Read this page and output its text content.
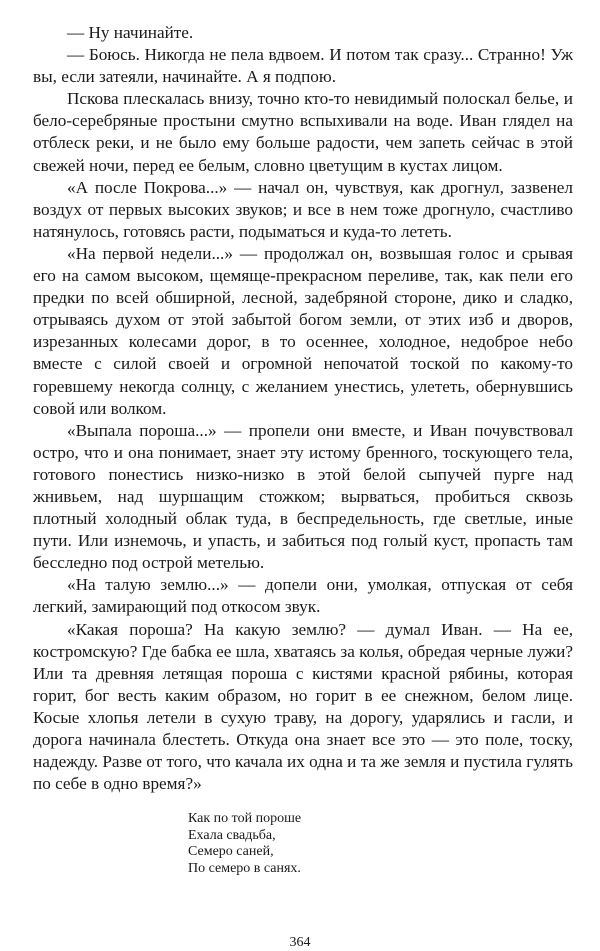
— Ну начинайте.

— Боюсь. Никогда не пела вдвоем. И потом так сразу... Странно! Уж вы, если затеяли, начинайте. А я подпою.

Пскова плескалась внизу, точно кто-то невидимый полоскал белье, и бело-серебряные простыни смутно вспыхивали на воде. Иван глядел на отблеск реки, и не было ему больше радости, чем запеть сейчас в этой свежей ночи, перед ее белым, словно цветущим в кустах лицом.

«А после Покрова...» — начал он, чувствуя, как дрогнул, зазвенел воздух от первых высоких звуков; и все в нем тоже дрогнуло, счастливо натянулось, готовясь расти, подыматься и куда-то лететь.

«На первой недели...» — продолжал он, возвышая голос и срывая его на самом высоком, щемяще-прекрасном переливе, так, как пели его предки по всей обширной, лесной, задебряной стороне, дико и сладко, отрываясь духом от этой забытой богом земли, от этих изб и дворов, изрезанных колесами дорог, в то осеннее, холодное, недоброе небо вместе с силой своей и огромной непочатой тоской по какому-то горевшему некогда солнцу, с желанием унестись, улететь, обернувшись совой или волком.

«Выпала пороша...» — пропели они вместе, и Иван почувствовал остро, что и она понимает, знает эту истому бренного, тоскующего тела, готового понестись низко-низко в этой белой сыпучей пурге над жнивьем, над шуршащим стожком; вырваться, пробиться сквозь плотный холодный облак туда, в беспредельность, где светлые, иные пути. Или изнемочь, и упасть, и забиться под голый куст, пропасть там бесследно под острой метелью.

«На талую землю...» — допели они, умолкая, отпуская от себя легкий, замирающий под откосом звук.

«Какая пороша? На какую землю? — думал Иван. — На ее, костромскую? Где бабка ее шла, хватаясь за колья, обредая черные лужи? Или та древняя летящая пороша с кистями красной рябины, которая горит, бог весть каким образом, но горит в ее снежном, белом лице. Косые хлопья летели в сухую траву, на дорогу, ударялись и гасли, и дорога начинала блестеть. Откуда она знает все это — это поле, тоску, надежду. Разве от того, что качала их одна и та же земля и пустила гулять по себе в одно время?»

Как по той пороше
Ехала свадьба,
Семеро саней,
По семеро в санях.
364
